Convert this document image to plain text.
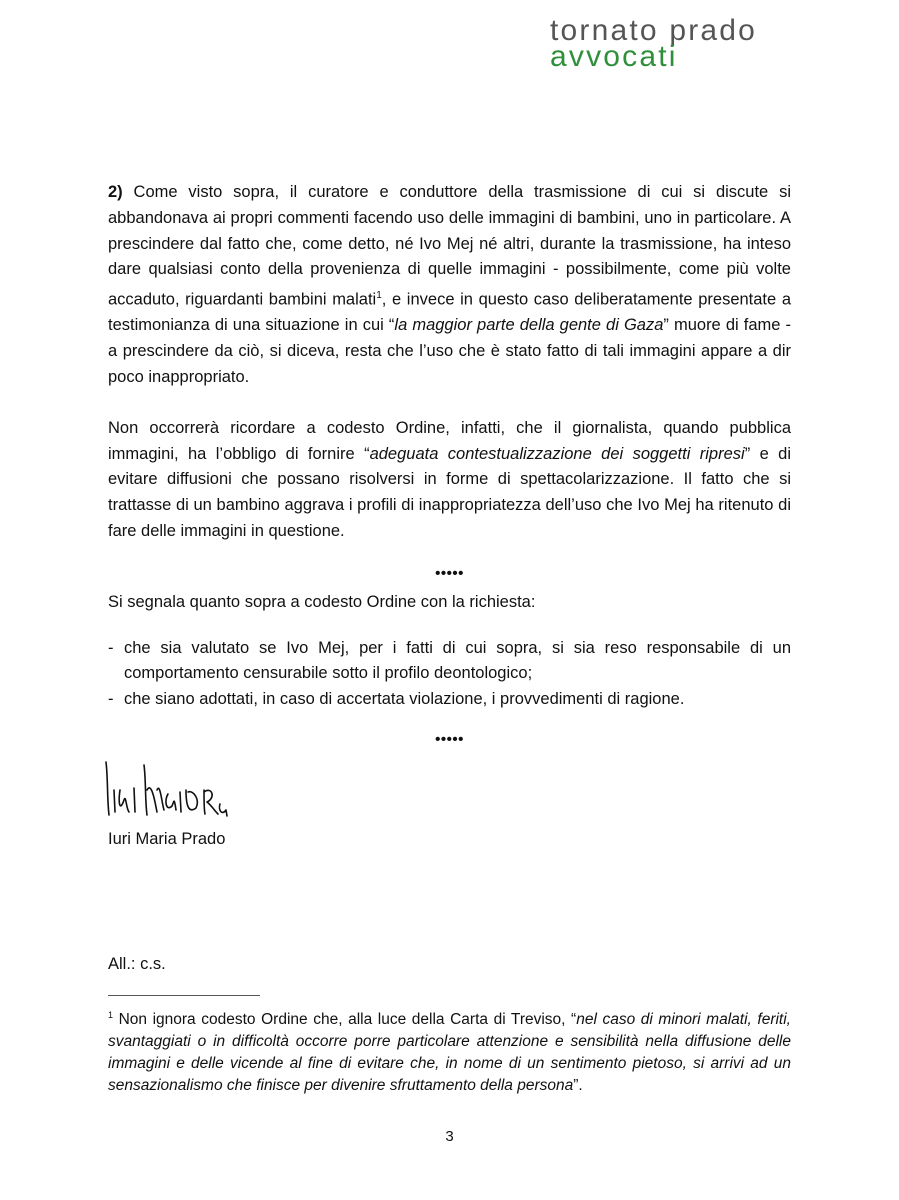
tornato prado
avvocati

2) Come visto sopra, il curatore e conduttore della trasmissione di cui si discute si abbandonava ai propri commenti facendo uso delle immagini di bambini, uno in particolare. A prescindere dal fatto che, come detto, né Ivo Mej né altri, durante la trasmissione, ha inteso dare qualsiasi conto della provenienza di quelle immagini - possibilmente, come più volte accaduto, riguardanti bambini malati$^1$, e invece in questo caso deliberatamente presentate a testimonianza di una situazione in cui “la maggior parte della gente di Gaza” muore di fame - a prescindere da ciò, si diceva, resta che l’uso che è stato fatto di tali immagini appare a dir poco inappropriato.

Non occorrerà ricordare a codesto Ordine, infatti, che il giornalista, quando pubblica immagini, ha l’obbligo di fornire “adeguata contestualizzazione dei soggetti ripresi” e di evitare diffusioni che possano risolversi in forme di spettacolarizzazione. Il fatto che si trattasse di un bambino aggrava i profili di inappropriatezza dell’uso che Ivo Mej ha ritenuto di fare delle immagini in questione.

•••••

Si segnala quanto sopra a codesto Ordine con la richiesta:

- che sia valutato se Ivo Mej, per i fatti di cui sopra, si sia reso responsabile di un comportamento censurabile sotto il profilo deontologico;
- che siano adottati, in caso di accertata violazione, i provvedimenti di ragione.
•••••
Iuri Maria Prado
All.: c.s.

$^1$ Non ignora codesto Ordine che, alla luce della Carta di Treviso, “nel caso di minori malati, feriti, svantaggiati o in difficoltà occorre porre particolare attenzione e sensibilità nella diffusione delle immagini e delle vicende al fine di evitare che, in nome di un sentimento pietoso, si arrivi ad un sensazionalismo che finisce per divenire sfruttamento della persona”.

3
